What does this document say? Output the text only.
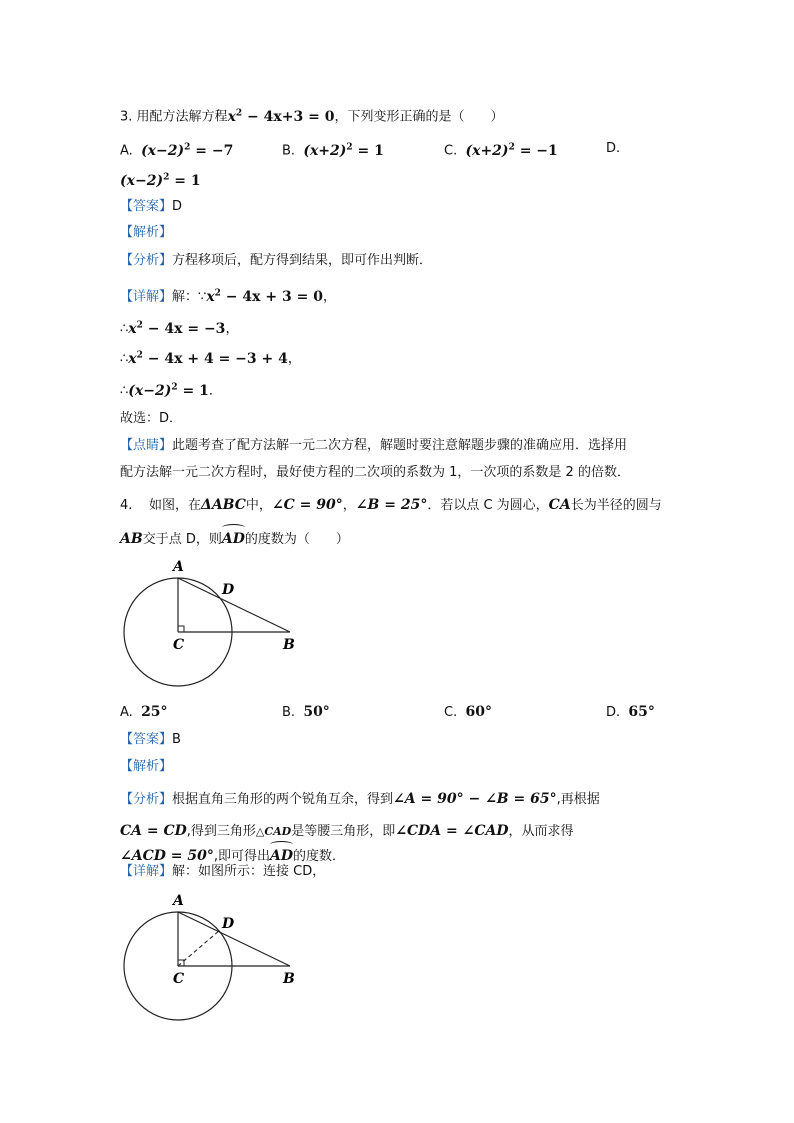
3. 用配方法解方程$x^2 - 4x+3 = 0$，下列变形正确的是（　　）
A. $(x-2)^2 = -7$	B. $(x+2)^2 = 1$	C. $(x+2)^2 = -1$	D.
$(x-2)^2 = 1$
【答案】D
【解析】
【分析】方程移项后，配方得到结果，即可作出判断．
【详解】解：$\because x^2 - 4x + 3 = 0$，
$\therefore x^2 - 4x = -3$，
$\therefore x^2 - 4x + 4 = -3 + 4$，
$\therefore(x-2)^2 = 1$．
故选：D．
【点睛】此题考查了配方法解一元二次方程，解题时要注意解题步骤的准确应用．选择用
配方法解一元二次方程时，最好使方程的二次项的系数为 1，一次项的系数是 2 的倍数．
4. 如图，在ΔABC中，∠C = 90°，∠B = 25°．若以点 C 为圆心，CA长为半径的圆与
AB交于点 D，则
AD的度数为（　　）
A
D
C	B
A. 25°	B. 50°	C. 60°	D. 65°
【答案】B
【解析】
【分析】根据直角三角形的两个锐角互余，得到∠A = 90° − ∠B = 65°,再根据
CA = CD,得到三角形△CAD是等腰三角形，即∠CDA = ∠CAD，从而求得
∠ACD = 50°,即可得出
AD的度数．
【详解】解：如图所示：连接 CD，
A
D
C	B
